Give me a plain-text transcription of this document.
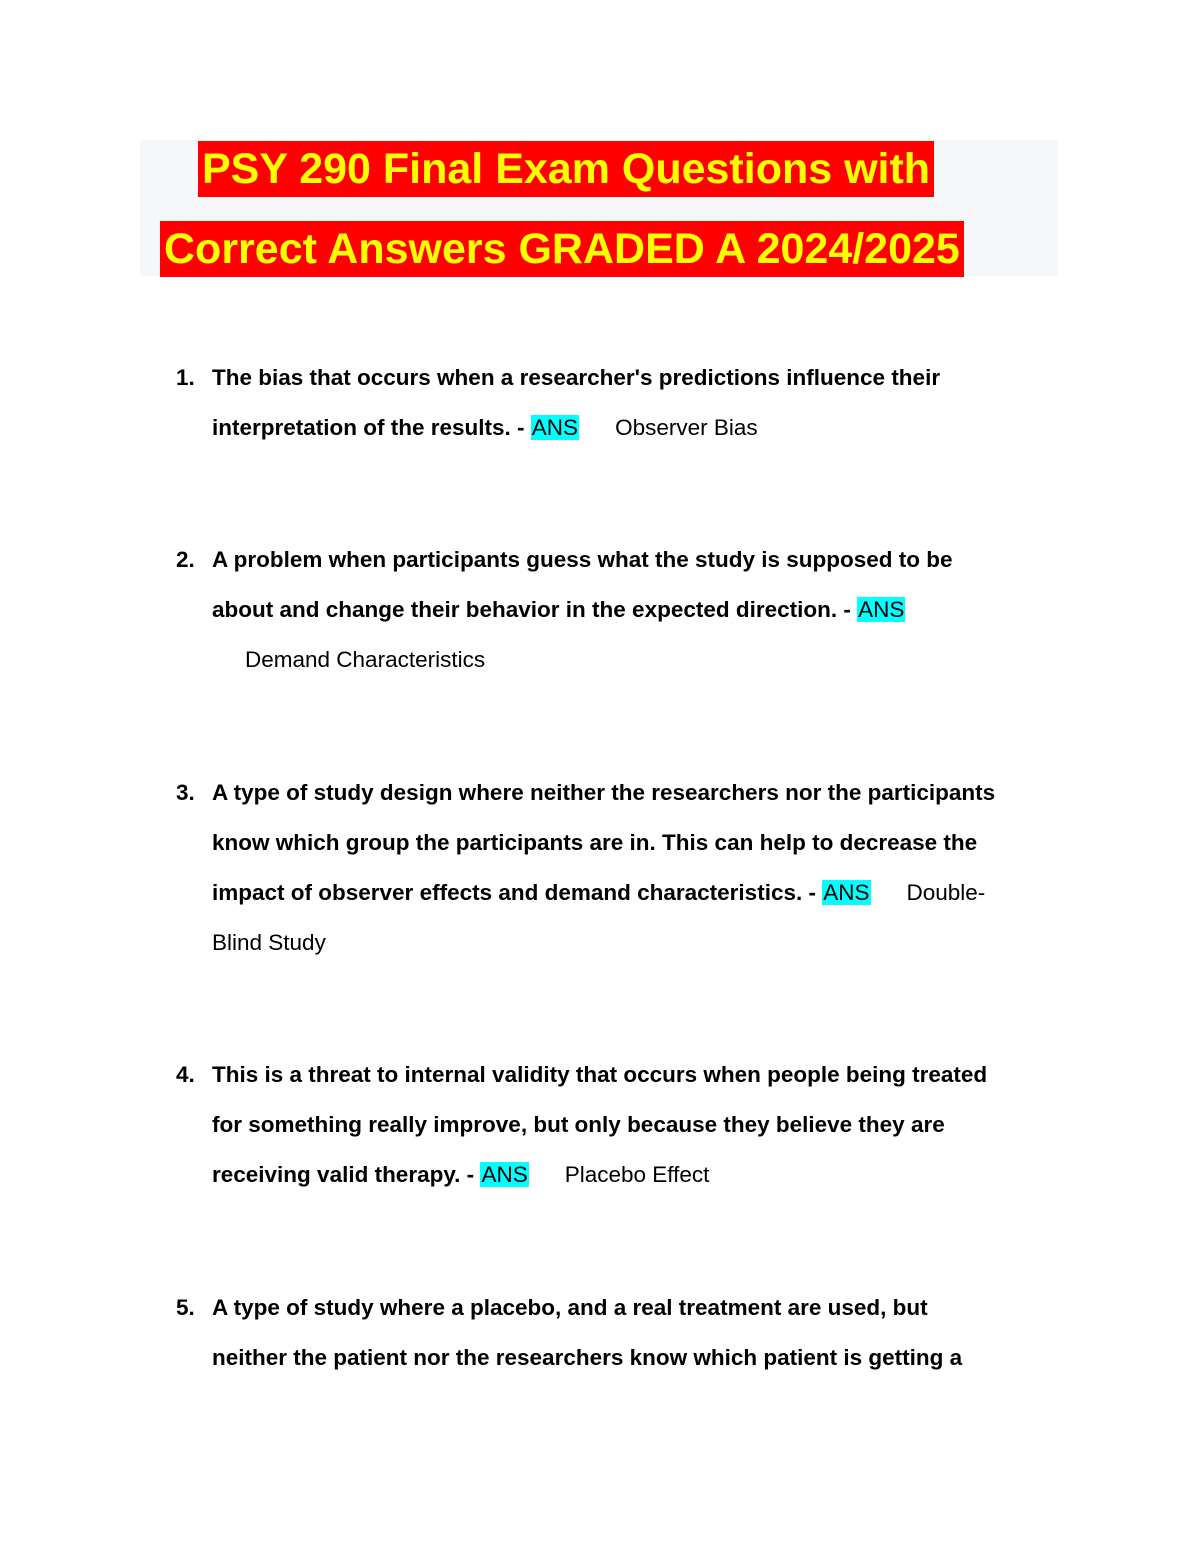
PSY 290 Final Exam Questions with
Correct Answers GRADED A 2024/2025
1. The bias that occurs when a researcher's predictions influence their
interpretation of the results. - ANS Observer Bias
2. A problem when participants guess what the study is supposed to be
about and change their behavior in the expected direction. - ANS
Demand Characteristics
3. A type of study design where neither the researchers nor the participants
know which group the participants are in. This can help to decrease the
impact of observer effects and demand characteristics. - ANS Double-
Blind Study
4. This is a threat to internal validity that occurs when people being treated
for something really improve, but only because they believe they are
receiving valid therapy. - ANS Placebo Effect
5. A type of study where a placebo, and a real treatment are used, but
neither the patient nor the researchers know which patient is getting a
